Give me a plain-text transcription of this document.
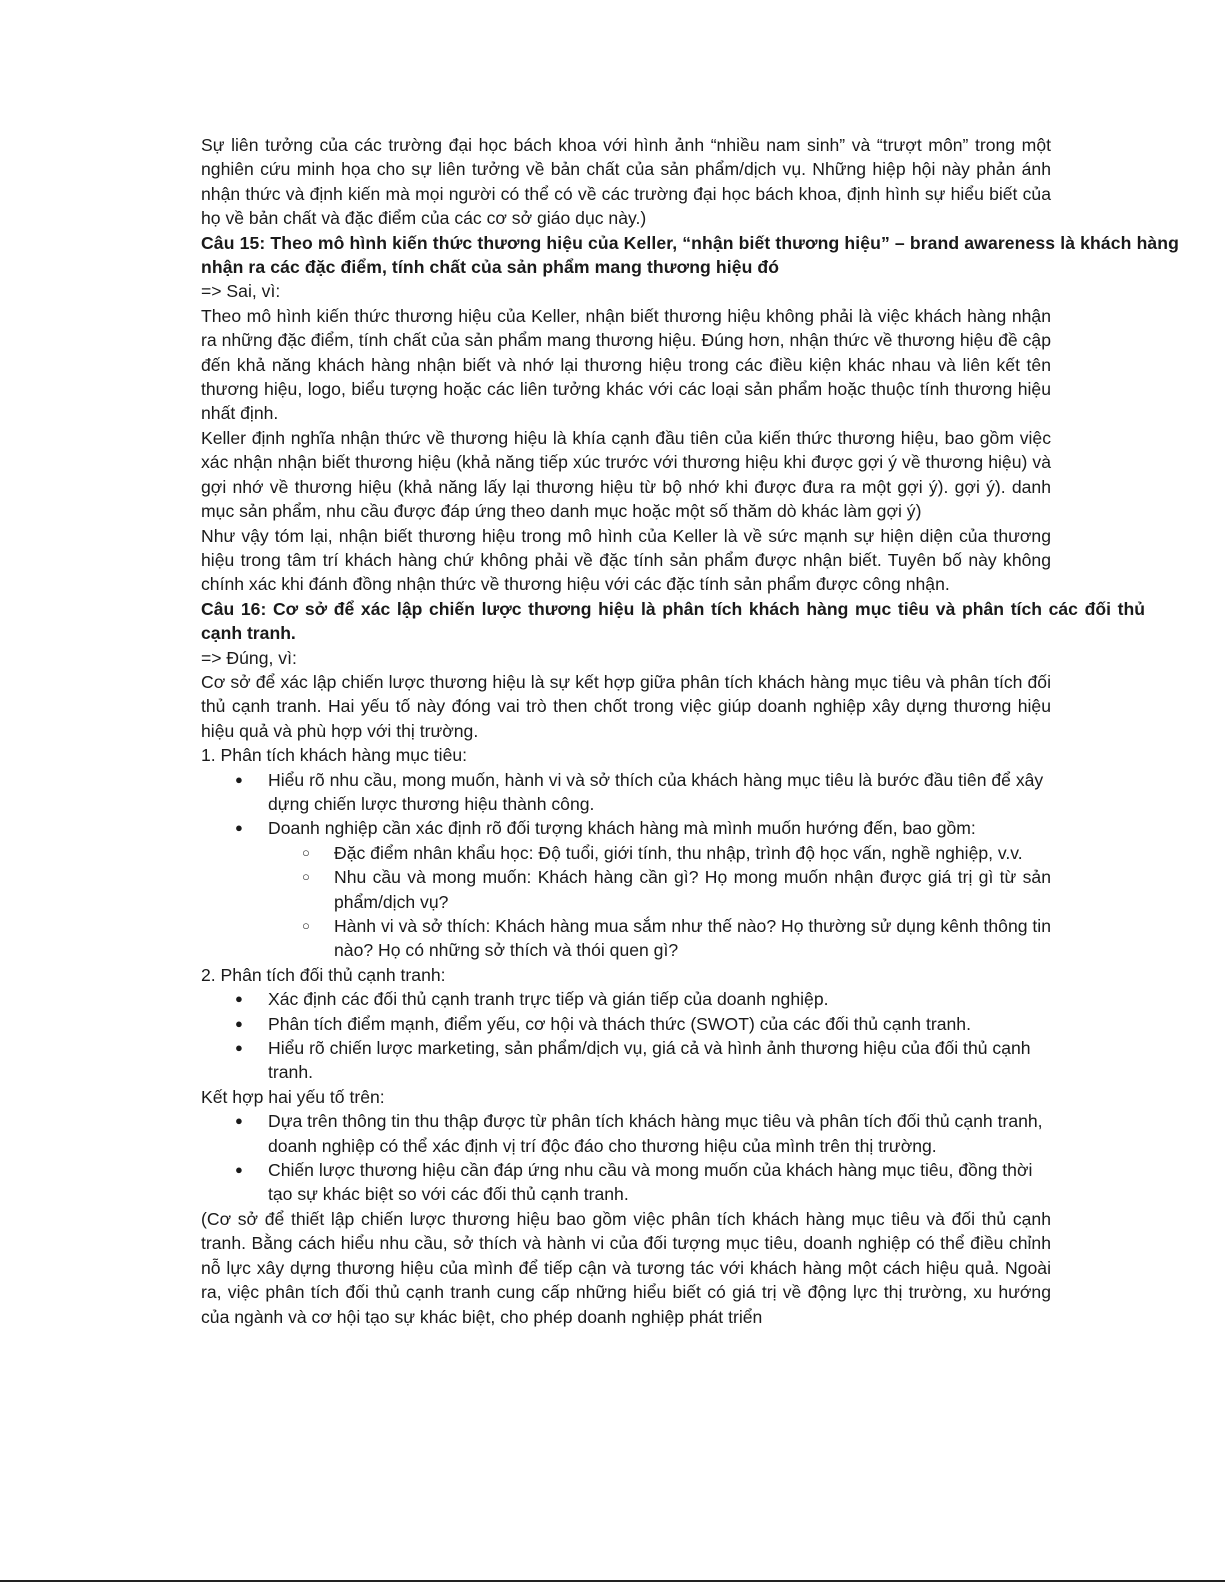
Sự liên tưởng của các trường đại học bách khoa với hình ảnh “nhiều nam sinh” và “trượt môn” trong một nghiên cứu minh họa cho sự liên tưởng về bản chất của sản phẩm/dịch vụ. Những hiệp hội này phản ánh nhận thức và định kiến mà mọi người có thể có về các trường đại học bách khoa, định hình sự hiểu biết của họ về bản chất và đặc điểm của các cơ sở giáo dục này.)

Câu 15: Theo mô hình kiến thức thương hiệu của Keller, “nhận biết thương hiệu” – brand awareness là khách hàng nhận ra các đặc điểm, tính chất của sản phẩm mang thương hiệu đó

=> Sai, vì:

Theo mô hình kiến thức thương hiệu của Keller, nhận biết thương hiệu không phải là việc khách hàng nhận ra những đặc điểm, tính chất của sản phẩm mang thương hiệu. Đúng hơn, nhận thức về thương hiệu đề cập đến khả năng khách hàng nhận biết và nhớ lại thương hiệu trong các điều kiện khác nhau và liên kết tên thương hiệu, logo, biểu tượng hoặc các liên tưởng khác với các loại sản phẩm hoặc thuộc tính thương hiệu nhất định.

Keller định nghĩa nhận thức về thương hiệu là khía cạnh đầu tiên của kiến thức thương hiệu, bao gồm việc xác nhận nhận biết thương hiệu (khả năng tiếp xúc trước với thương hiệu khi được gợi ý về thương hiệu) và gợi nhớ về thương hiệu (khả năng lấy lại thương hiệu từ bộ nhớ khi được đưa ra một gợi ý). gợi ý). danh mục sản phẩm, nhu cầu được đáp ứng theo danh mục hoặc một số thăm dò khác làm gợi ý)

Như vậy tóm lại, nhận biết thương hiệu trong mô hình của Keller là về sức mạnh sự hiện diện của thương hiệu trong tâm trí khách hàng chứ không phải về đặc tính sản phẩm được nhận biết. Tuyên bố này không chính xác khi đánh đồng nhận thức về thương hiệu với các đặc tính sản phẩm được công nhận.

Câu 16: Cơ sở để xác lập chiến lược thương hiệu là phân tích khách hàng mục tiêu và phân tích các đối thủ cạnh tranh.

=> Đúng, vì:

Cơ sở để xác lập chiến lược thương hiệu là sự kết hợp giữa phân tích khách hàng mục tiêu và phân tích đối thủ cạnh tranh. Hai yếu tố này đóng vai trò then chốt trong việc giúp doanh nghiệp xây dựng thương hiệu hiệu quả và phù hợp với thị trường.

1. Phân tích khách hàng mục tiêu:

● Hiểu rõ nhu cầu, mong muốn, hành vi và sở thích của khách hàng mục tiêu là bước đầu tiên để xây dựng chiến lược thương hiệu thành công.
● Doanh nghiệp cần xác định rõ đối tượng khách hàng mà mình muốn hướng đến, bao gồm:
○ Đặc điểm nhân khẩu học: Độ tuổi, giới tính, thu nhập, trình độ học vấn, nghề nghiệp, v.v.
○ Nhu cầu và mong muốn: Khách hàng cần gì? Họ mong muốn nhận được giá trị gì từ sản phẩm/dịch vụ?
○ Hành vi và sở thích: Khách hàng mua sắm như thế nào? Họ thường sử dụng kênh thông tin nào? Họ có những sở thích và thói quen gì?

2. Phân tích đối thủ cạnh tranh:

● Xác định các đối thủ cạnh tranh trực tiếp và gián tiếp của doanh nghiệp.
● Phân tích điểm mạnh, điểm yếu, cơ hội và thách thức (SWOT) của các đối thủ cạnh tranh.
● Hiểu rõ chiến lược marketing, sản phẩm/dịch vụ, giá cả và hình ảnh thương hiệu của đối thủ cạnh tranh.

Kết hợp hai yếu tố trên:

● Dựa trên thông tin thu thập được từ phân tích khách hàng mục tiêu và phân tích đối thủ cạnh tranh, doanh nghiệp có thể xác định vị trí độc đáo cho thương hiệu của mình trên thị trường.
● Chiến lược thương hiệu cần đáp ứng nhu cầu và mong muốn của khách hàng mục tiêu, đồng thời tạo sự khác biệt so với các đối thủ cạnh tranh.

(Cơ sở để thiết lập chiến lược thương hiệu bao gồm việc phân tích khách hàng mục tiêu và đối thủ cạnh tranh. Bằng cách hiểu nhu cầu, sở thích và hành vi của đối tượng mục tiêu, doanh nghiệp có thể điều chỉnh nỗ lực xây dựng thương hiệu của mình để tiếp cận và tương tác với khách hàng một cách hiệu quả. Ngoài ra, việc phân tích đối thủ cạnh tranh cung cấp những hiểu biết có giá trị về động lực thị trường, xu hướng của ngành và cơ hội tạo sự khác biệt, cho phép doanh nghiệp phát triển
